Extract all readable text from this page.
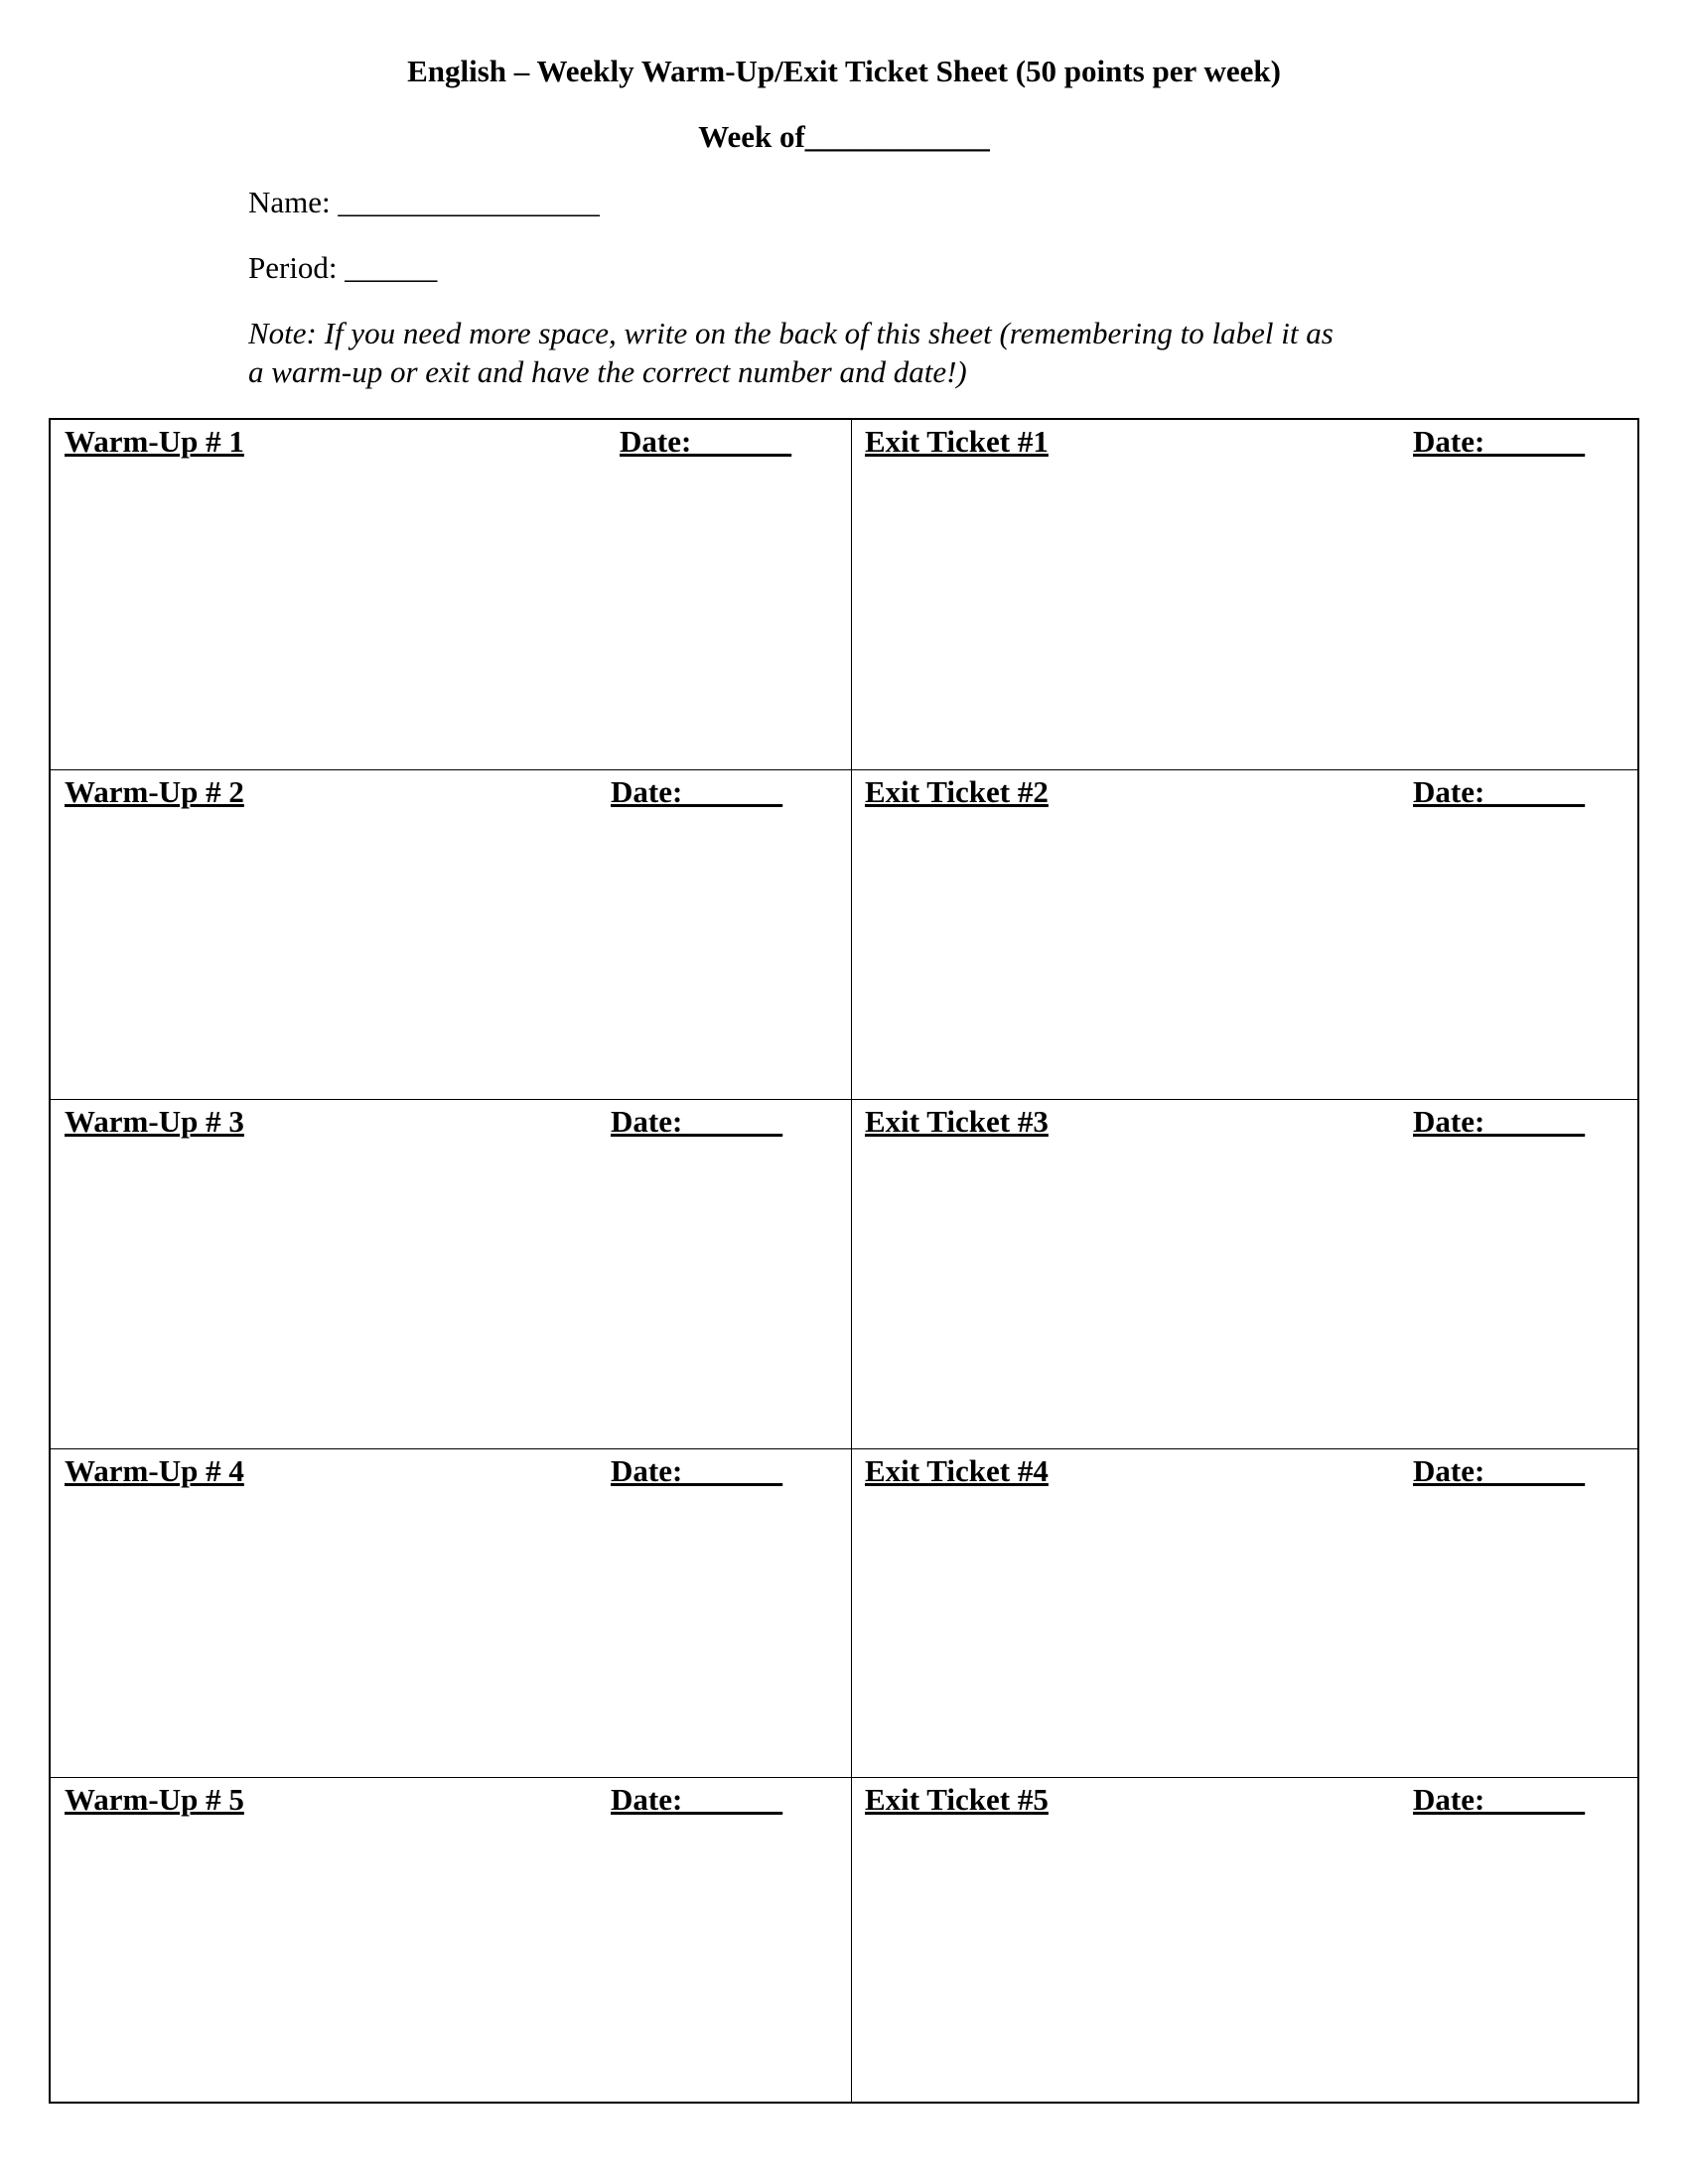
English – Weekly Warm-Up/Exit Ticket Sheet (50 points per week)
Week of____________
Name: _________________
Period: ______
Note: If you need more space, write on the back of this sheet (remembering to label it as
a warm-up or exit and have the correct number and date!)
Warm-Up # 1	Date: ______ Exit Ticket #1	Date: ______
Warm-Up # 2	Date: ______	Exit Ticket #2	Date: ______
Warm-Up # 3	Date: ______	Exit Ticket #3	Date: ______
Warm-Up # 4	Date: ______	Exit Ticket #4	Date: ______
Warm-Up # 5	Date: ______	Exit Ticket #5	Date: ______
